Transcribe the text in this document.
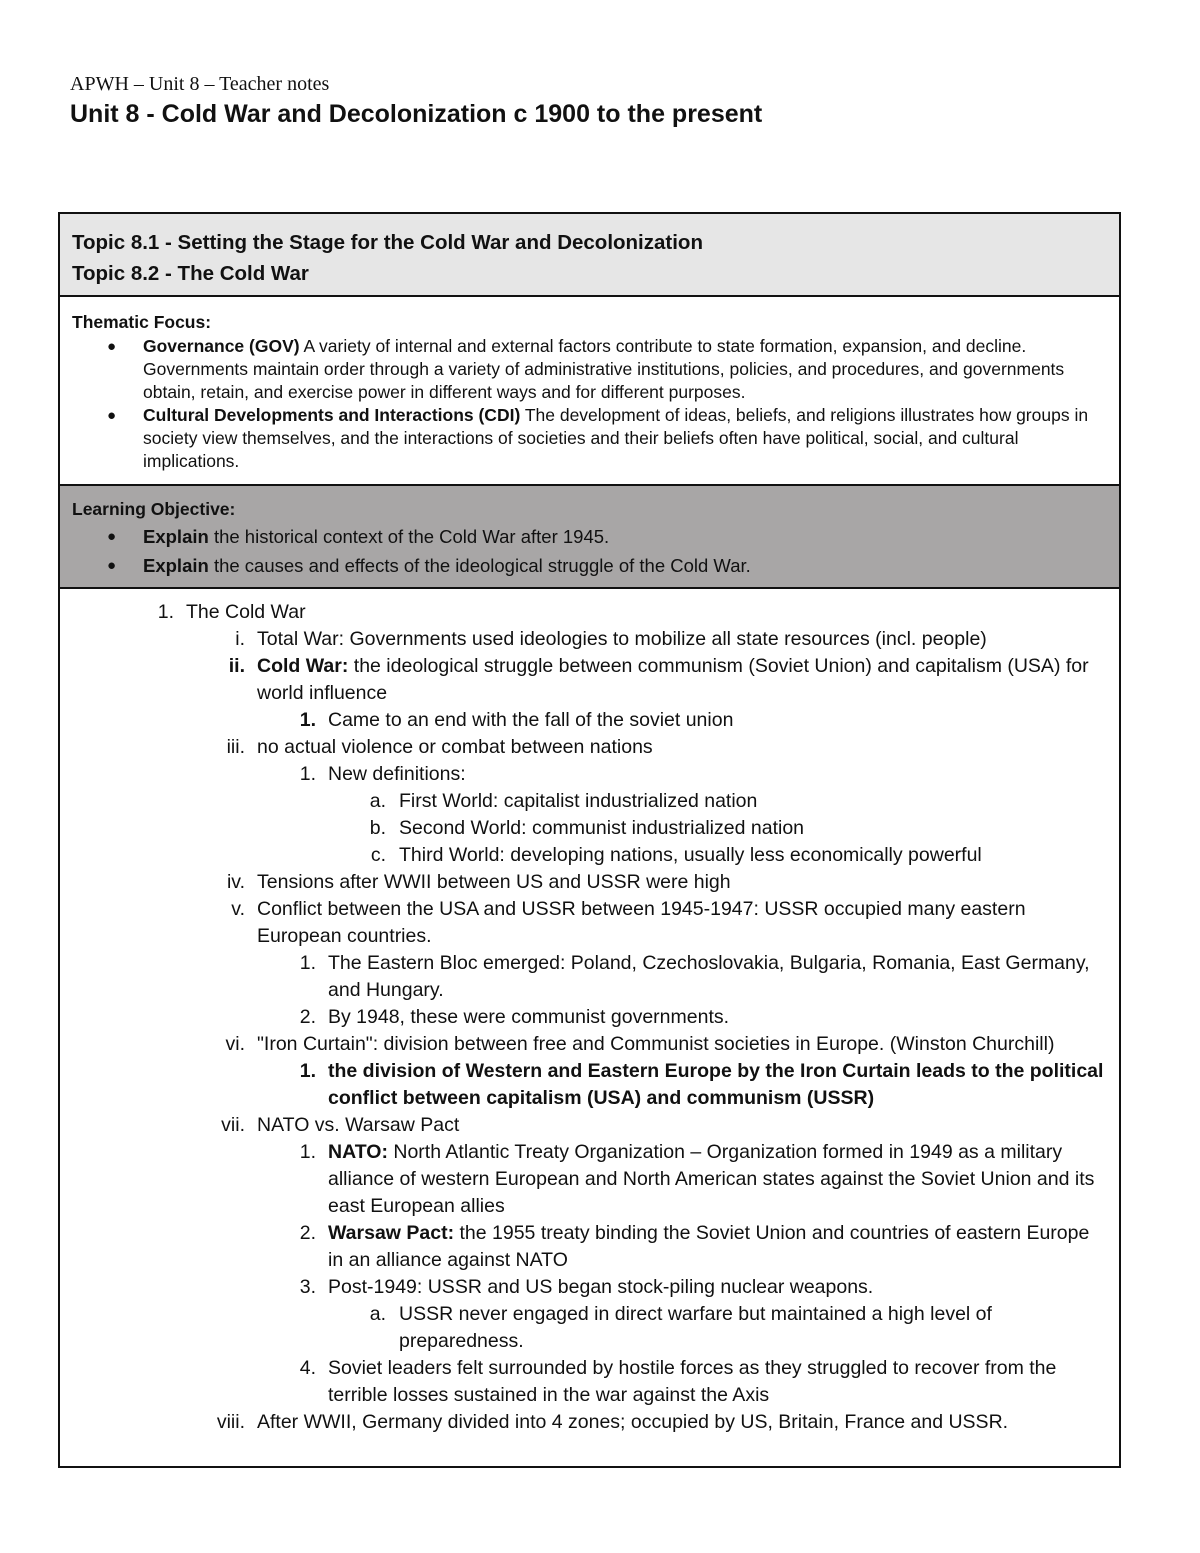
APWH – Unit 8 – Teacher notes
Unit 8 - Cold War and Decolonization c 1900 to the present
Topic 8.1 - Setting the Stage for the Cold War and Decolonization
Topic 8.2 - The Cold War
Thematic Focus:
● Governance (GOV) A variety of internal and external factors contribute to state formation, expansion, and decline. Governments maintain order through a variety of administrative institutions, policies, and procedures, and governments obtain, retain, and exercise power in different ways and for different purposes.
● Cultural Developments and Interactions (CDI) The development of ideas, beliefs, and religions illustrates how groups in society view themselves, and the interactions of societies and their beliefs often have political, social, and cultural implications.
Learning Objective:
● Explain the historical context of the Cold War after 1945.
● Explain the causes and effects of the ideological struggle of the Cold War.
1. The Cold War
i. Total War: Governments used ideologies to mobilize all state resources (incl. people)
ii. Cold War: the ideological struggle between communism (Soviet Union) and capitalism (USA) for world influence
1. Came to an end with the fall of the soviet union
iii. no actual violence or combat between nations
1. New definitions:
a. First World: capitalist industrialized nation
b. Second World: communist industrialized nation
c. Third World: developing nations, usually less economically powerful
iv. Tensions after WWII between US and USSR were high
v. Conflict between the USA and USSR between 1945-1947: USSR occupied many eastern European countries.
1. The Eastern Bloc emerged: Poland, Czechoslovakia, Bulgaria, Romania, East Germany, and Hungary.
2. By 1948, these were communist governments.
vi. "Iron Curtain": division between free and Communist societies in Europe. (Winston Churchill)
1. the division of Western and Eastern Europe by the Iron Curtain leads to the political conflict between capitalism (USA) and communism (USSR)
vii. NATO vs. Warsaw Pact
1. NATO: North Atlantic Treaty Organization – Organization formed in 1949 as a military alliance of western European and North American states against the Soviet Union and its east European allies
2. Warsaw Pact: the 1955 treaty binding the Soviet Union and countries of eastern Europe in an alliance against NATO
3. Post-1949: USSR and US began stock-piling nuclear weapons.
a. USSR never engaged in direct warfare but maintained a high level of preparedness.
4. Soviet leaders felt surrounded by hostile forces as they struggled to recover from the terrible losses sustained in the war against the Axis
viii. After WWII, Germany divided into 4 zones; occupied by US, Britain, France and USSR.
